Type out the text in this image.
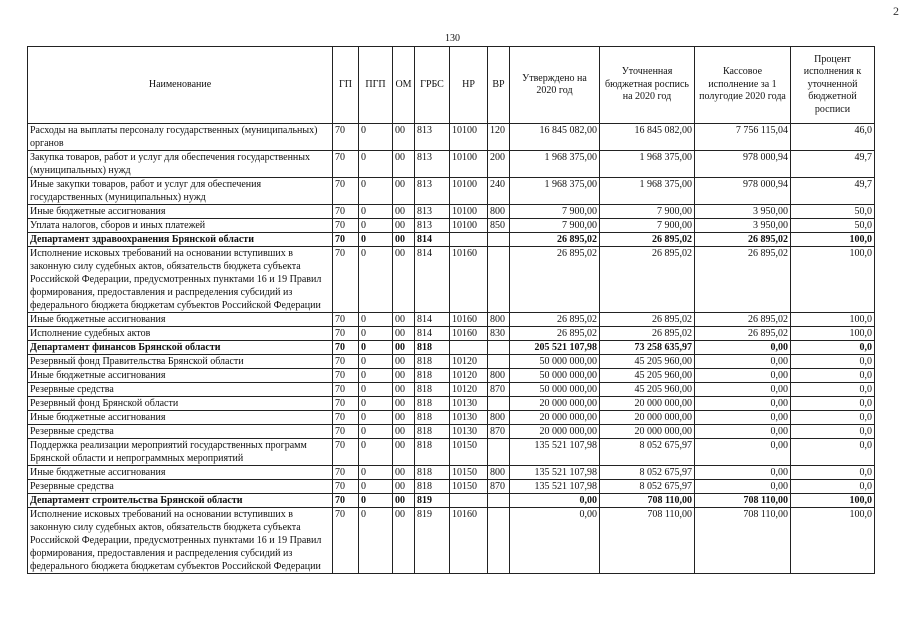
130
2
Наименование	ГП	ПГП	ОМ	ГРБС	НР	ВР	Утверждено на 2020 год	Уточненная бюджетная роспись на 2020 год	Кассовое исполнение за 1 полугодие 2020 года	Процент исполнения к уточненной бюджетной росписи
Расходы на выплаты персоналу государственных (муниципальных) органов	70	0	00	813	10100	120	16 845 082,00	16 845 082,00	7 756 115,04	46,0
Закупка товаров, работ и услуг для обеспечения государственных (муниципальных) нужд	70	0	00	813	10100	200	1 968 375,00	1 968 375,00	978 000,94	49,7
Иные закупки товаров, работ и услуг для обеспечения государственных (муниципальных) нужд	70	0	00	813	10100	240	1 968 375,00	1 968 375,00	978 000,94	49,7
Иные бюджетные ассигнования	70	0	00	813	10100	800	7 900,00	7 900,00	3 950,00	50,0
Уплата налогов, сборов и иных платежей	70	0	00	813	10100	850	7 900,00	7 900,00	3 950,00	50,0
Департамент здравоохранения Брянской области	70	0	00	814			26 895,02	26 895,02	26 895,02	100,0
Исполнение исковых требований на основании вступивших в законную силу судебных актов, обязательств бюджета субъекта Российской Федерации, предусмотренных пунктами 16 и 19 Правил формирования, предоставления и распределения субсидий из федерального бюджета бюджетам субъектов Российской Федерации	70	0	00	814	10160		26 895,02	26 895,02	26 895,02	100,0
Иные бюджетные ассигнования	70	0	00	814	10160	800	26 895,02	26 895,02	26 895,02	100,0
Исполнение судебных актов	70	0	00	814	10160	830	26 895,02	26 895,02	26 895,02	100,0
Департамент финансов Брянской области	70	0	00	818			205 521 107,98	73 258 635,97	0,00	0,0
Резервный фонд Правительства Брянской области	70	0	00	818	10120		50 000 000,00	45 205 960,00	0,00	0,0
Иные бюджетные ассигнования	70	0	00	818	10120	800	50 000 000,00	45 205 960,00	0,00	0,0
Резервные средства	70	0	00	818	10120	870	50 000 000,00	45 205 960,00	0,00	0,0
Резервный фонд Брянской области	70	0	00	818	10130		20 000 000,00	20 000 000,00	0,00	0,0
Иные бюджетные ассигнования	70	0	00	818	10130	800	20 000 000,00	20 000 000,00	0,00	0,0
Резервные средства	70	0	00	818	10130	870	20 000 000,00	20 000 000,00	0,00	0,0
Поддержка реализации мероприятий государственных программ Брянской области и непрограммных мероприятий	70	0	00	818	10150		135 521 107,98	8 052 675,97	0,00	0,0
Иные бюджетные ассигнования	70	0	00	818	10150	800	135 521 107,98	8 052 675,97	0,00	0,0
Резервные средства	70	0	00	818	10150	870	135 521 107,98	8 052 675,97	0,00	0,0
Департамент строительства Брянской области	70	0	00	819			0,00	708 110,00	708 110,00	100,0
Исполнение исковых требований на основании вступивших в законную силу судебных актов, обязательств бюджета субъекта Российской Федерации, предусмотренных пунктами 16 и 19 Правил формирования, предоставления и распределения субсидий из федерального бюджета бюджетам субъектов Российской Федерации	70	0	00	819	10160		0,00	708 110,00	708 110,00	100,0
